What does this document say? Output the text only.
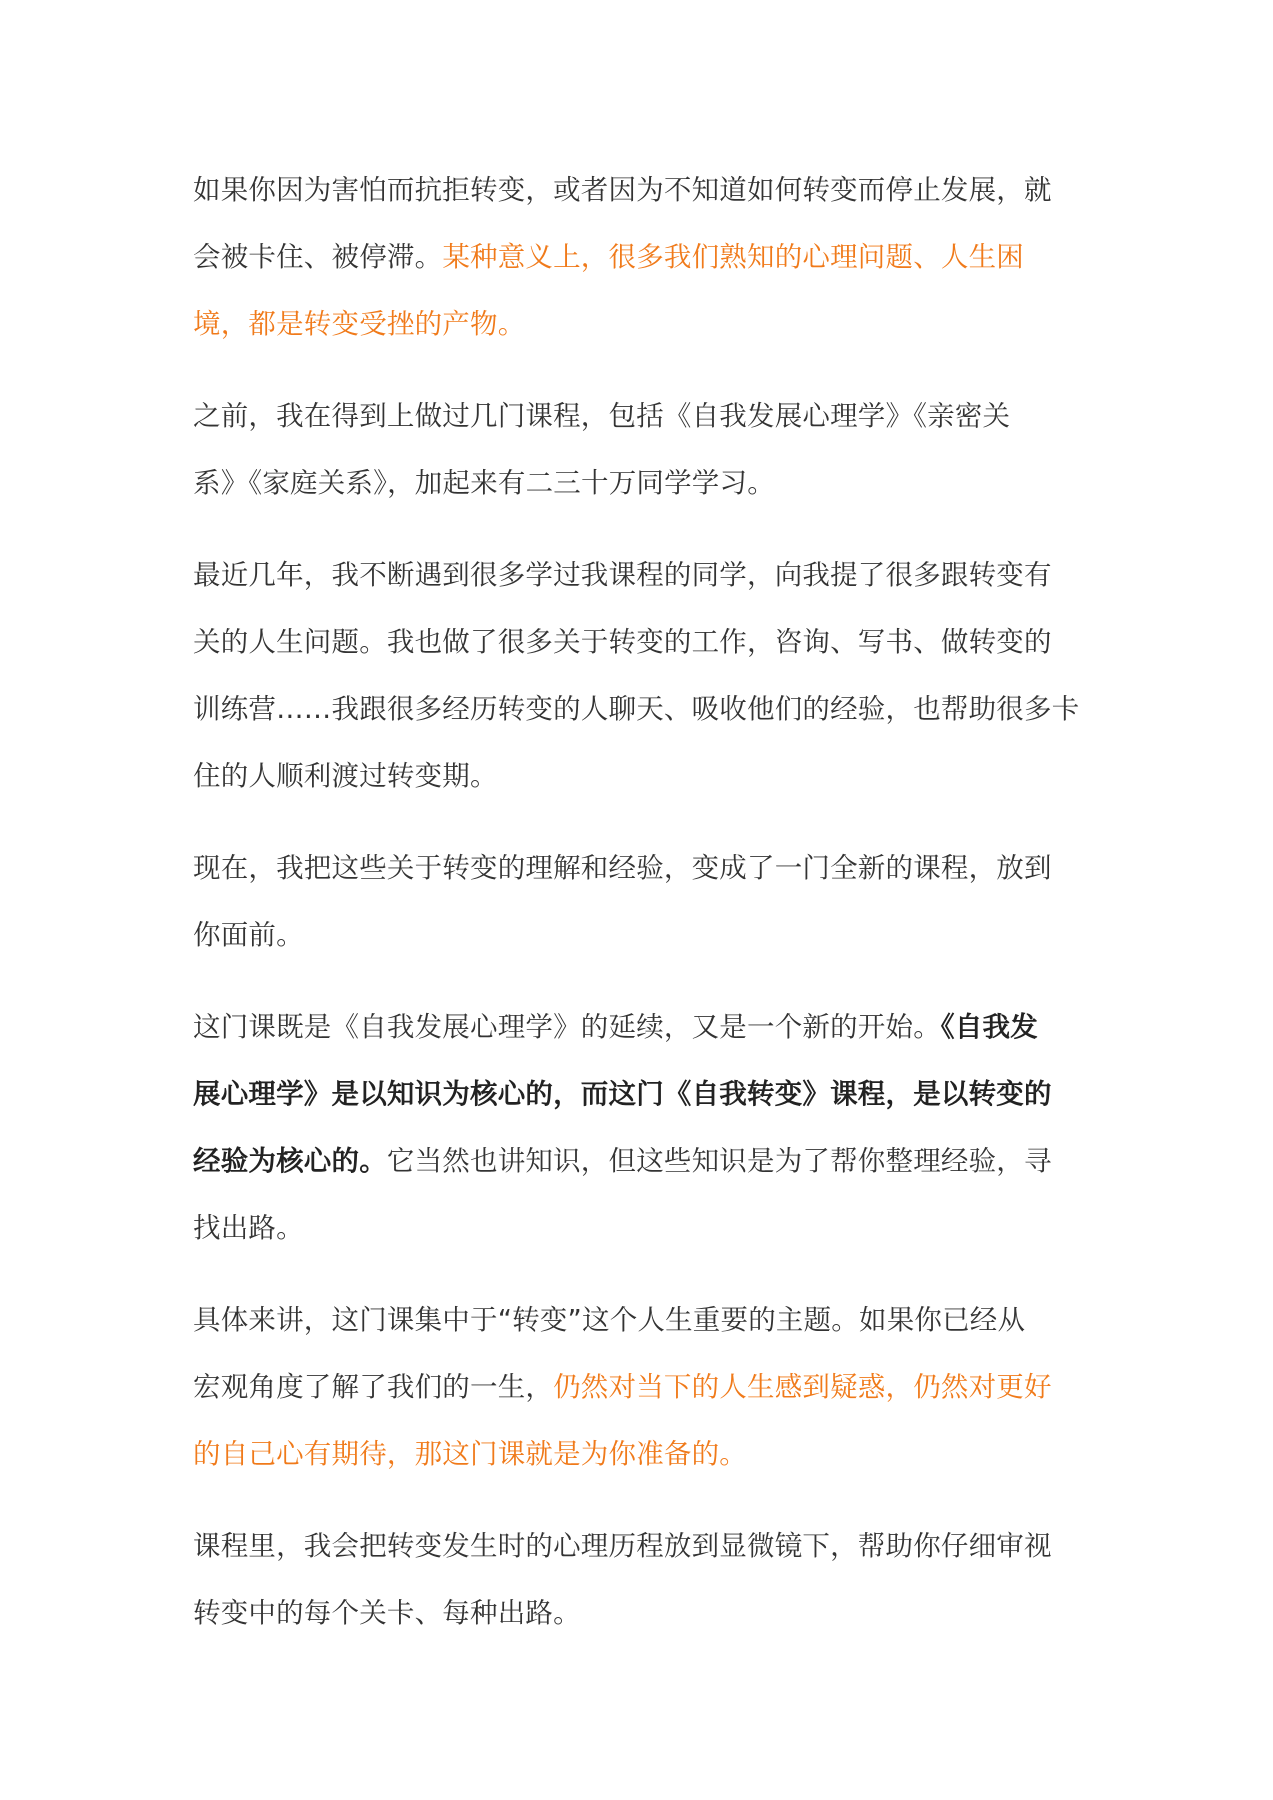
如果你因为害怕而抗拒转变，或者因为不知道如何转变而停止发展，就
会被卡住、被停滞。某种意义上，很多我们熟知的心理问题、人生困
境，都是转变受挫的产物。

之前，我在得到上做过几门课程，包括《自我发展心理学》《亲密关
系》《家庭关系》，加起来有二三十万同学学习。

最近几年，我不断遇到很多学过我课程的同学，向我提了很多跟转变有
关的人生问题。我也做了很多关于转变的工作，咨询、写书、做转变的
训练营……我跟很多经历转变的人聊天、吸收他们的经验，也帮助很多卡
住的人顺利渡过转变期。

现在，我把这些关于转变的理解和经验，变成了一门全新的课程，放到
你面前。

这门课既是《自我发展心理学》的延续，又是一个新的开始。《自我发
展心理学》是以知识为核心的，而这门《自我转变》课程，是以转变的
经验为核心的。它当然也讲知识，但这些知识是为了帮你整理经验，寻
找出路。

具体来讲，这门课集中于“转变”这个人生重要的主题。如果你已经从
宏观角度了解了我们的一生，仍然对当下的人生感到疑惑，仍然对更好
的自己心有期待，那这门课就是为你准备的。

课程里，我会把转变发生时的心理历程放到显微镜下，帮助你仔细审视
转变中的每个关卡、每种出路。
